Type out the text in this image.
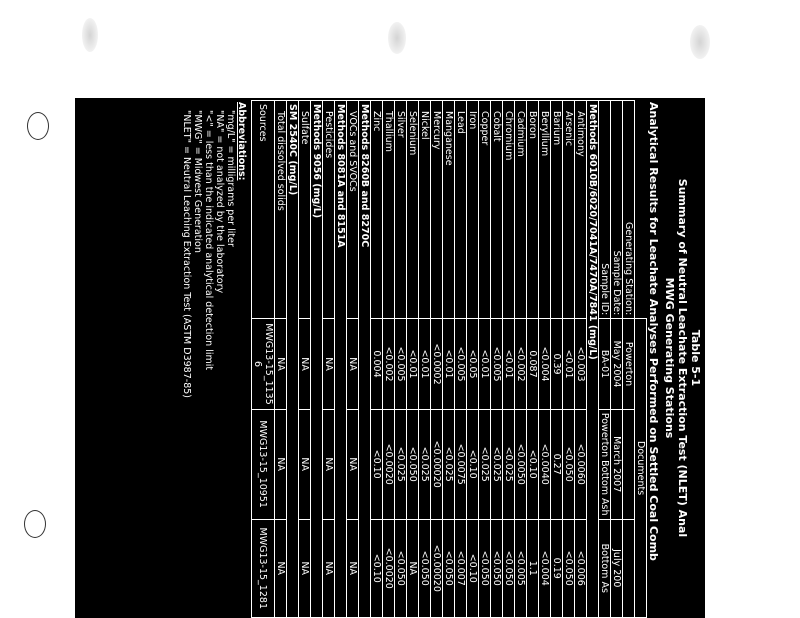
Table 5-1
Summary of Neutral Leachate Extraction Test (NLET) Anal
MWG Generating Stations
Analytical Results for Leachate Analyses Performed on Settled Coal Comb
	Documents		
Generating Station:	Powerton		
Sample Date:	May 2004	March 2007	July 200
Sample ID:	BA-01	Powerton Bottom Ash	Bottom As
Methods 6010B/6020/7041A/7470A/7841 (mg/L)			
Antimony	<0.003	<0.0060	<0.006
Arsenic	<0.01	<0.050	<0.050
Barium	0.39	0.27	0.19
Beryllium	<0.004	<0.0040	<0.004
Boron	0.087	<0.10	1.1
Cadmium	<0.002	<0.0050	<0.005
Chromium	<0.01	<0.025	<0.050
Cobalt	<0.005	<0.025	<0.050
Copper	<0.01	<0.025	<0.050
Iron	<0.05	<0.10	<0.10
Lead	<0.005	<0.0075	<0.007
Manganese	<0.01	<0.025	<0.050
Mercury	<0.0002	<0.00020	<0.00020
Nickel	<0.01	<0.025	<0.050
Selenium	<0.01	<0.050	NA
Silver	<0.005	<0.025	<0.050
Thallium	<0.002	<0.0020	<0.0020
Zinc	0.004	<0.10	<0.10
Methods 8260B and 8270C			
VOCs and SVOCs	NA	NA	NA
Methods 8081A and 8151A			
Pesticides	NA	NA	NA
Methods 9056 (mg/L)			
Sulfate	NA	NA	NA
SM 2540C (mg/L)			
Total dissolved solids	NA	NA	NA
Sources	MWG13-15_11356	MWG13-15_10951	MWG13-15_1281
Abbreviations:
"mg/L" = milligrams per liter
"NA" = not analyzed by the laboratory
"<" = less than the indicated analytical detection limit
"MWG" = Midwest Generation
"NLET" = Neutral Leaching Extraction Test (ASTM D3987-85)
